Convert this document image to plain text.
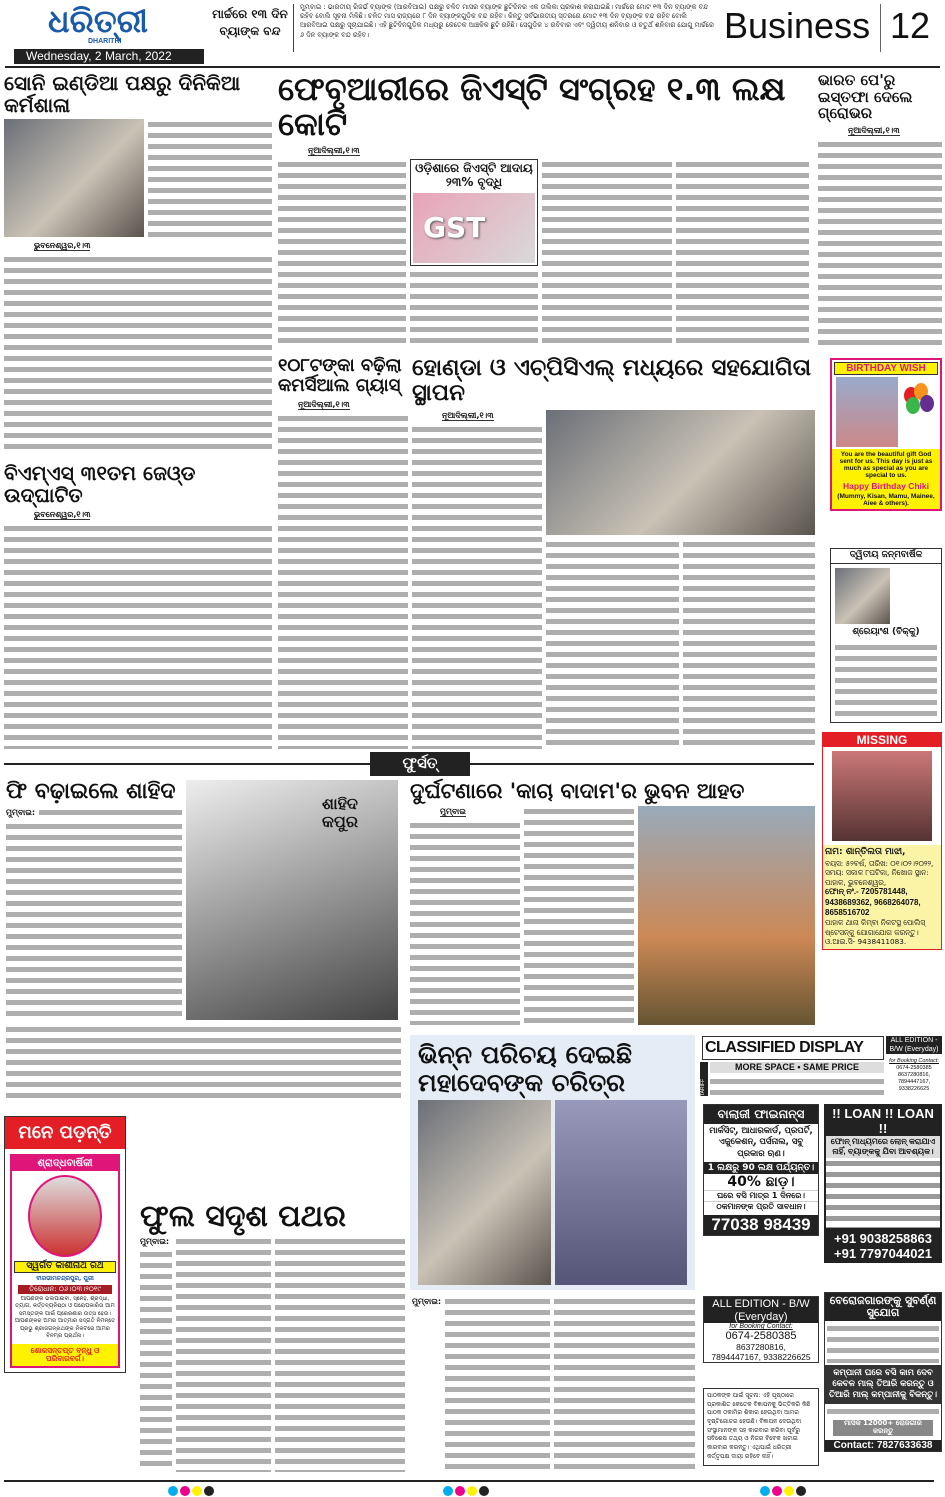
ଧରିତ୍ରୀ
DHARITRI
Wednesday, 2 March, 2022
ମାର୍ଚ୍ଚରେ ୧୩ ଦିନ ବ୍ୟାଙ୍କ ବନ୍ଦ
ମୁମ୍ବାଇ : ଭାରତୀୟ ରିଜର୍ଭ ବ୍ୟାଙ୍କ (ଆରବିଆଇ) ପକ୍ଷରୁ ଚଳିତ ମାସର ବ୍ୟାଙ୍କ ଛୁଟିଦିନର ଏକ ତାଲିକା ପ୍ରକାଶ କରାଯାଇଛି। ମାର୍ଚ୍ଚରେ ମୋଟ ୧୩ ଦିନ ବ୍ୟାଙ୍କ ବନ୍ଦ ରହିବ ବୋଲି ସୂଚନା ମିଳିଛି। ଚଳିତ ମାସ ରାଜ୍ୟରେ ୮ ଦିନ ବ୍ୟାଙ୍କଗୁଡ଼ିକ ବନ୍ଦ ରହିବ। କିନ୍ତୁ ସର୍ବଭାରତୀୟ ସ୍ତରରେ ମୋଟ ୧୩ ଦିନ ବ୍ୟାଙ୍କ ବନ୍ଦ ରହିବ ବୋଲି ଆରବିଆଇ ପକ୍ଷରୁ ସୂଚାଯାଇଛି। ଏହି ଛୁଟିଦିନଗୁଡ଼ିକ ମଧ୍ୟରୁ କେତେକ ଆଞ୍ଚଳିକ ଛୁଟି ରହିଛି। ସେଗୁଡ଼ିକ ୪ ରବିବାର ଏବଂ ଦ୍ୱିତୀୟ ଶନିବାର ଓ ଚତୁର୍ଥ ଶନିବାର ଯୋଗୁ ମାର୍ଚ୍ଚରେ ୬ ଦିନ ବ୍ୟାଙ୍କ ବନ୍ଦ ରହିବ।	Business 12
ସୋନି ଇଣ୍ଡିଆ ପକ୍ଷରୁ ଦିନିକିଆ କର୍ମଶାଳା
ଭୁବନେଶ୍ୱର,୧।୩
ଫେବୃଆରୀରେ ଜିଏସ୍‌ଟି ସଂଗ୍ରହ ୧.୩ ଲକ୍ଷ କୋଟି
ନୂଆଦିଲ୍ଲୀ,୧।୩
ଓଡ଼ିଶାରେ ଜିଏସ୍‌ଟି ଆଦାୟ ୨୩% ବୃଦ୍ଧି
GST
ଭାରତ ପେ'ରୁ ଇସ୍ତଫା ଦେଲେ ଗ୍ରୋଭର
ନୂଆଦିଲ୍ଲୀ,୧।୩
୧୦୮ଟଙ୍କା ବଢ଼ିଲା କମର୍ସିଆଲ ଗ୍ୟାସ୍
ନୂଆଦିଲ୍ଲୀ,୧।୩
ହୋଣ୍ଡା ଓ ଏଚ୍‌ପିସିଏଲ୍ ମଧ୍ୟରେ ସହଯୋଗିତା ସ୍ଥାପନ
ନୂଆଦିଲ୍ଲୀ,୧।୩
ବିଏମ୍‌ଏସ୍ ୩୧ତମ ଜେଓ୍ଡ ଉଦ୍‌ଘାଟିତ
ଭୁବନେଶ୍ୱର,୧।୩
BIRTHDAY WISH
You are the beautiful gift God sent for us. This day is just as much as special as you are special to us.
Happy Birthday Chiki
(Mummy, Kisan, Mamu, Mainee, Aiee & others).
ଦ୍ୱିତୀୟ ଜନ୍ମବାର୍ଷିକ
ଶ୍ରେୟାଂଶ (ବିକ୍କୁ)
ଫୁର୍ସତ୍
ଶାହିଦ କପୁର
ଫି ବଢ଼ାଇଲେ ଶାହିଦ
ମୁମ୍ବାଇ:
ଦୁର୍ଘଟଣାରେ 'କାଚା ବାଦାମ'ର ଭୁବନ ଆହତ
ମୁମ୍ବାଇ
MISSING
ନାମ: ଶାନ୍ତିଲତା ମାଝୀ,
ବୟସ: ୫୨ବର୍ଷ, ତାରିଖ: ୦୧।୦୨।୨୦୨୨, ସମୟ: ସକାଳ ୮ଘଟିକା, ନିଖୋଜ ସ୍ଥାନ: ପାହାଳ, ଭୁବନେଶ୍ୱର,
ଫୋନ୍ ନଂ.- 7205781448, 9438689362, 9668264078, 8658516702
ପାହାଳ ଥାନା କିମ୍ବା ନିକଟସ୍ଥ ପୋଲିସ୍ ଷ୍ଟେସନ୍‌କୁ ଯୋଗାଯୋଗ କରନ୍ତୁ। ଓ.ଆଇ.ସି- 9438411083.
ଭିନ୍ନ ପରିଚୟ ଦେଇଛି ମହାଦେବଙ୍କ ଚରିତ୍ର
ମୁମ୍ବାଇ:
ଫୁଲ ସଦୃଶ ପଥର
ମୁମ୍ବାଇ:
ମନେ ପଡ଼ନ୍ତି
ଶ୍ରାଦ୍ଧବାର୍ଷିକୀ
ସ୍ୱର୍ଗତ କାଶୀନାଥ ରଥ
ବୀରଭୀମଚନ୍ଦ୍ରପୁର, ପୁରୀ
ତିରୋଧାନ: ୦୬।୦୩।୨୦୧୯
ଆପଣଙ୍କ ଭଲପାଇବା, ସ୍ନେହ, ଶ୍ରଦ୍ଧା, ତ୍ୟାଗ, କର୍ତ୍ତବ୍ୟନିଷ୍ଠା ଓ ପରୋପକାରିତା ଆମ ସମସ୍ତଙ୍କ ପାଇଁ ପ୍ରେରଣାର ଉତ୍ସ ହେଉ। ଆପଣଙ୍କର ଅମର ଆତ୍ମାର ସଦ୍‌ଗତି ନିମନ୍ତେ ପ୍ରଭୁ ଶ୍ରୀଜଗନ୍ନାଥଙ୍କ ନିକଟରେ ଆମର ବିନମ୍ର ପ୍ରାର୍ଥନା।
ଶୋକସନ୍ତପ୍ତ ବନ୍ଧୁ ଓ ପରିବାରବର୍ଗ।
CLASSIFIED DISPLAY
TARIFF
MORE SPACE • SAME PRICE
ALL EDITION - B/W (Everyday)
for Booking Contact:
0674-2580385
8637280816,
7894447167, 9338226625
ବାଲାଜୀ ଫାଇନାନ୍ସ
ମାର୍କସିଟ୍, ଆଧାରକାର୍ଡ, ପ୍ରପର୍ଟି, ଏଜୁକେଶନ୍, ପର୍ସନାଲ, ସବୁ ପ୍ରକାର ଋଣ।
1 ଲକ୍ଷରୁ 90 ଲକ୍ଷ ପର୍ଯ୍ୟନ୍ତ।
40% ଛାଡ଼।
ଘରେ ବସି ମାତ୍ର 1 ଦିନରେ।
ଠକମାନଙ୍କ ପ୍ରତି ସାବଧାନ।
77038 98439
!! LOAN !! LOAN !!
ଫୋନ୍ ମାଧ୍ୟମରେ ଲୋନ୍ କରାଯାଏ ନାହିଁ, ବ୍ୟାଙ୍କକୁ ଯିବା ଆବଶ୍ୟକ।
+91 9038258863
+91 7797044021
ALL EDITION - B/W
(Everyday)
for Booking Contact:
0674-2580385
8637280816,
7894447167, 9338226625
ପାଠକଙ୍କ ପାଇଁ ସୂଚନା: ଏହି ପୃଷ୍ଠାରେ ପ୍ରକାଶିତ କେତେକ ବିଜ୍ଞାପନକୁ ଭିତ୍ତିକରି କିଛି ପାଠକ ଠକାମିର ଶିକାର ହେଉଥିବା ଆମର ଦୃଷ୍ଟିଗୋଚର ହେଉଛି। ବିଜ୍ଞାପନ ଦେଉଥିବା ସଂସ୍ଥାମାନଙ୍କ ସହ କାରବାର କରିବା ପୂର୍ବରୁ ସବିଶେଷ ତଥ୍ୟ ଓ ନିଜର ବିବେକ ଖଟାଇ କାରବାର କରନ୍ତୁ। ଏଥିପାଇଁ ଧରିତ୍ରୀ କର୍ତ୍ତୃପକ୍ଷ ଦାୟୀ ରହିବେ ନାହିଁ।
ବେରୋଜଗାରଙ୍କୁ ସୁବର୍ଣ୍ଣ ସୁଯୋଗ
କମ୍ପାନୀ ଘରେ ବସି କାମ ଦେବ କେବଳ ମାଲ୍ ତିଆରି କରନ୍ତୁ ଓ ତିଆରି ମାଲ୍ କମ୍ପାନୀକୁ ବିକନ୍ତୁ।
ମାସିକ 12000+ ରୋଜଗାର କରନ୍ତୁ
Contact: 7827633638
